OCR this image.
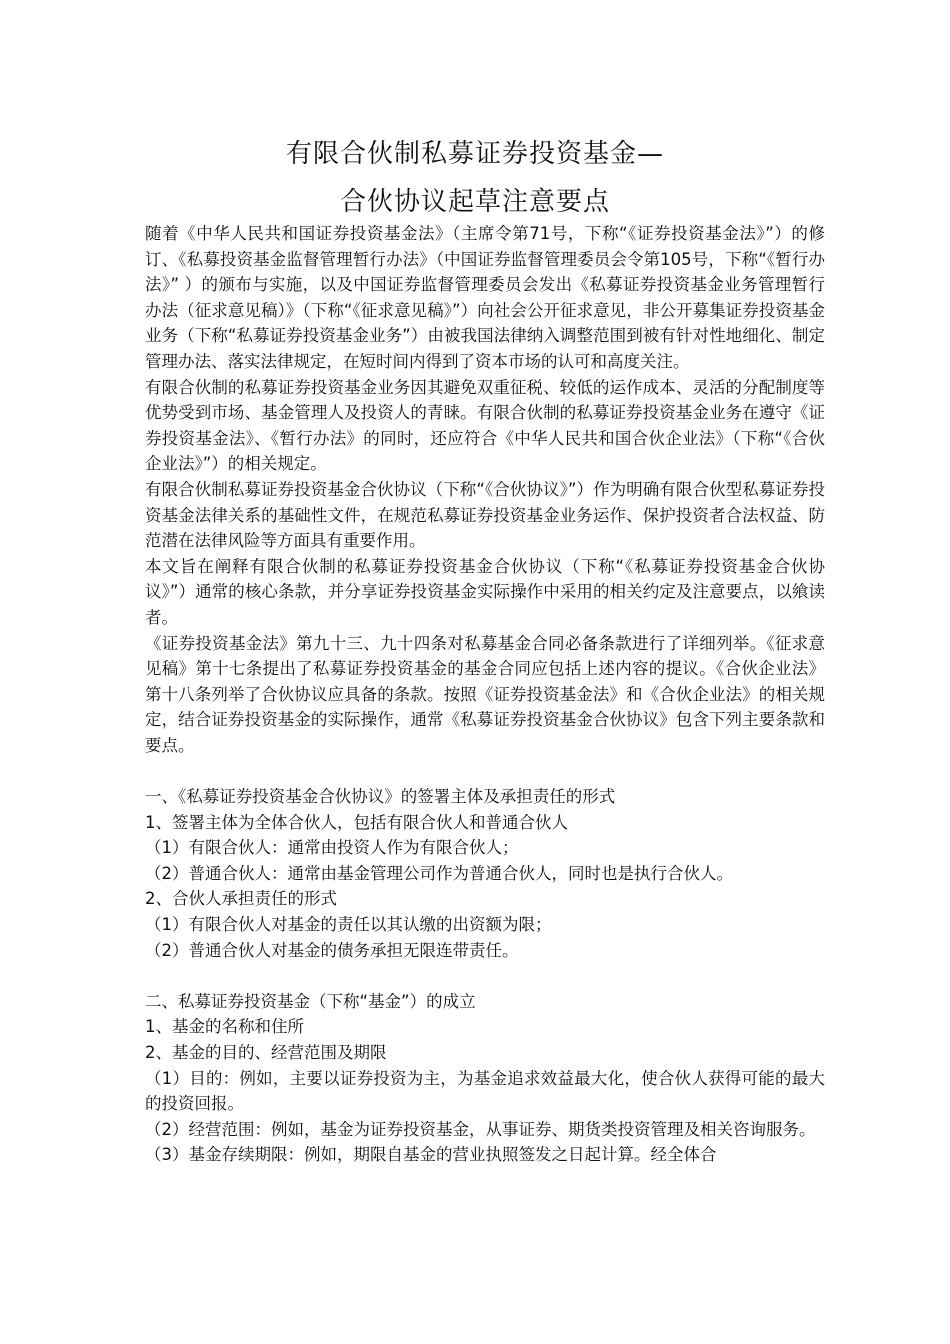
有限合伙制私募证券投资基金—
合伙协议起草注意要点

随着《中华人民共和国证券投资基金法》（主席令第71号，下称“《证券投资基金法》”）的修订、《私募投资基金监督管理暂行办法》（中国证券监督管理委员会令第105号，下称“《暂行办法》” ）的颁布与实施，以及中国证券监督管理委员会发出《私募证券投资基金业务管理暂行办法（征求意见稿）》（下称“《征求意见稿》”）向社会公开征求意见，非公开募集证券投资基金业务（下称“私募证券投资基金业务”）由被我国法律纳入调整范围到被有针对性地细化、制定管理办法、落实法律规定，在短时间内得到了资本市场的认可和高度关注。

有限合伙制的私募证券投资基金业务因其避免双重征税、较低的运作成本、灵活的分配制度等优势受到市场、基金管理人及投资人的青睐。有限合伙制的私募证券投资基金业务在遵守《证券投资基金法》、《暂行办法》的同时，还应符合《中华人民共和国合伙企业法》（下称“《合伙企业法》”）的相关规定。

有限合伙制私募证券投资基金合伙协议（下称“《合伙协议》”）作为明确有限合伙型私募证券投资基金法律关系的基础性文件，在规范私募证券投资基金业务运作、保护投资者合法权益、防范潜在法律风险等方面具有重要作用。

本文旨在阐释有限合伙制的私募证券投资基金合伙协议（下称“《私募证券投资基金合伙协议》”）通常的核心条款，并分享证券投资基金实际操作中采用的相关约定及注意要点，以飨读者。

《证券投资基金法》第九十三、九十四条对私募基金合同必备条款进行了详细列举。《征求意见稿》第十七条提出了私募证券投资基金的基金合同应包括上述内容的提议。《合伙企业法》第十八条列举了合伙协议应具备的条款。按照《证券投资基金法》和《合伙企业法》的相关规定，结合证券投资基金的实际操作，通常《私募证券投资基金合伙协议》包含下列主要条款和要点。

一、《私募证券投资基金合伙协议》的签署主体及承担责任的形式

1、签署主体为全体合伙人，包括有限合伙人和普通合伙人

（1）有限合伙人：通常由投资人作为有限合伙人；

（2）普通合伙人：通常由基金管理公司作为普通合伙人，同时也是执行合伙人。

2、合伙人承担责任的形式

（1）有限合伙人对基金的责任以其认缴的出资额为限；

（2）普通合伙人对基金的债务承担无限连带责任。

二、私募证券投资基金（下称“基金”）的成立

1、基金的名称和住所

2、基金的目的、经营范围及期限

（1）目的：例如，主要以证券投资为主，为基金追求效益最大化，使合伙人获得可能的最大的投资回报。

（2）经营范围：例如，基金为证券投资基金，从事证券、期货类投资管理及相关咨询服务。

（3）基金存续期限：例如，期限自基金的营业执照签发之日起计算。经全体合
